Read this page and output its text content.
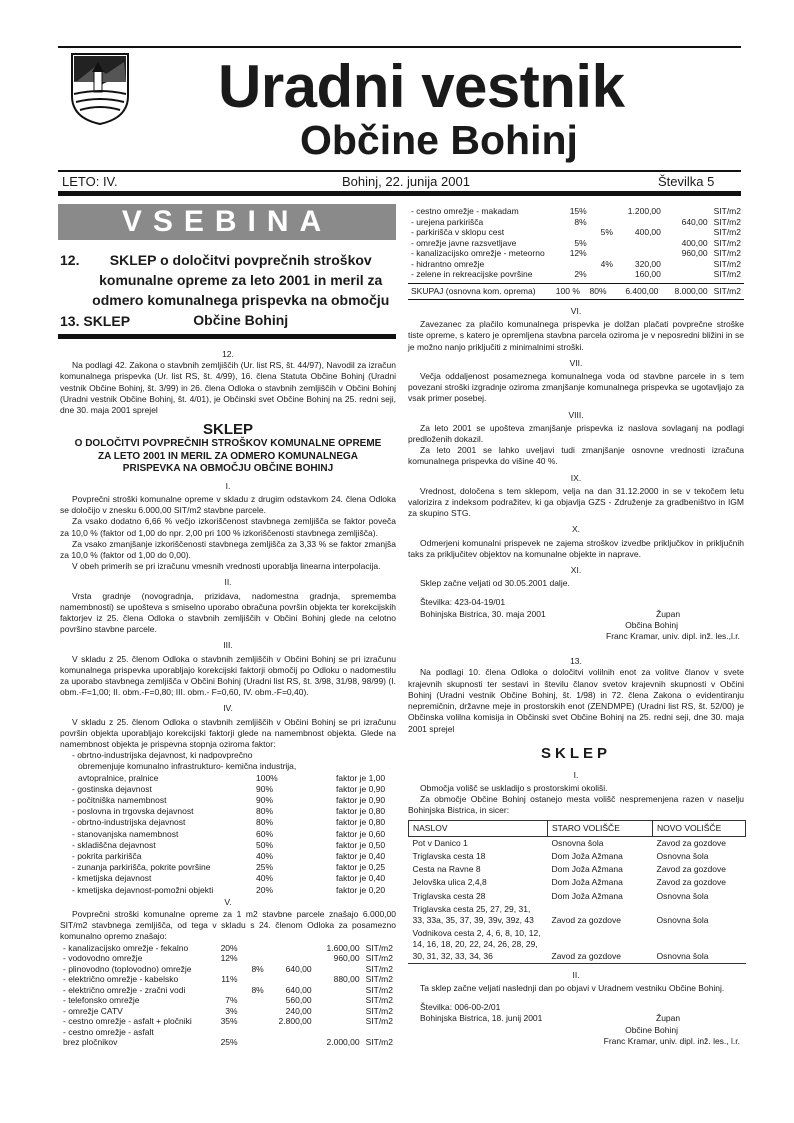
Uradni vestnik
Občine Bohinj
LETO: IV.	Bohinj, 22. junija 2001	Številka 5
VSEBINA
12.	SKLEP o določitvi povprečnih stroškov komunalne opreme za leto 2001 in meril za odmero komunalnega prispevka na območju Občine Bohinj
13. SKLEP

12.

Na podlagi 42. Zakona o stavbnih zemljiščih (Ur. list RS, št. 44/97), Navodil za izračun komunalnega prispevka (Ur. list RS, št. 4/99), 16. člena Statuta Občine Bohinj (Uradni vestnik Občine Bohinj, št. 3/99) in 26. člena Odloka o stavbnih zemljiščih v Občini Bohinj (Uradni vestnik Občine Bohinj, št. 4/01), je Občinski svet Občine Bohinj na 25. redni seji, dne 30. maja 2001 sprejel

SKLEP

O DOLOČITVI POVPREČNIH STROŠKOV KOMUNALNE OPREME ZA LETO 2001 IN MERIL ZA ODMERO KOMUNALNEGA PRISPEVKA NA OBMOČJU OBČINE BOHINJ

I.

Povprečni stroški komunalne opreme v skladu z drugim odstavkom 24. člena Odloka se določijo v znesku 6.000,00 SIT/m2 stavbne parcele.

Za vsako dodatno 6,66 % večjo izkoriščenost stavbnega zemljišča se faktor poveča za 10,0 % (faktor od 1,00 do npr. 2,00 pri 100 % izkoriščenosti stavbnega zemljišča).

Za vsako zmanjšanje izkoriščenosti stavbnega zemljišča za 3,33 % se faktor zmanjša za 10,0 % (faktor od 1,00 do 0,00).

V obeh primerih se pri izračunu vmesnih vrednosti uporablja linearna interpolacija.

II.

Vrsta gradnje (novogradnja, prizidava, nadomestna gradnja, sprememba namembnosti) se upošteva s smiselno uporabo obračuna površin objekta ter korekcijskih faktorjev iz 25. člena Odloka o stavbnih zemljiščih v Občini Bohinj glede na celotno površino stavbne parcele.

III.

V skladu z 25. členom Odloka o stavbnih zemljiščih v Občini Bohinj se pri izračunu komunalnega prispevka uporabljajo korekcijski faktorji območij po Odloku o nadomestilu za uporabo stavbnega zemljišča v Občini Bohinj (Uradni list RS, št. 3/98, 31/98, 98/99) (I. obm.-F=1,00; II. obm.-F=0,80; III. obm.- F=0,60, IV. obm.-F=0,40).

IV.

V skladu z 25. členom Odloka o stavbnih zemljiščih v Občini Bohinj se pri izračunu površin objekta uporabljajo korekcijski faktorji glede na namembnost objekta. Glede na namembnost objekta je prispevna stopnja oziroma faktor:

- obrtno-industrijska dejavnost, ki nadpovprečno
obremenjuje komunalno infrastrukturo- kemična industrija,
avtopralnice, pralnice	100%	faktor je 1,00
- gostinska dejavnost	90%	faktor je 0,90
- počitniška namembnost	90%	faktor je 0,90
- poslovna in trgovska dejavnost	80%	faktor je 0,80
- obrtno-industrijska dejavnost	80%	faktor je 0,80
- stanovanjska namembnost	60%	faktor je 0,60
- skladiščna dejavnost	50%	faktor je 0,50
- pokrita parkirišča	40%	faktor je 0,40
- zunanja parkirišča, pokrite površine	25%	faktor je 0,25
- kmetijska dejavnost	40%	faktor je 0,40
- kmetijska dejavnost-pomožni objekti	20%	faktor je 0,20

V.

Povprečni stroški komunalne opreme za 1 m2 stavbne parcele znašajo 6.000,00 SIT/m2 stavbnega zemljišča, od tega v skladu s 24. členom Odloka za posamezno komunalno opremo znašajo:

- kanalizacijsko omrežje - fekalno	20%			1.600,00	SIT/m2
- vodovodno omrežje	12%			960,00	SIT/m2
- plinovodno (toplovodno) omrežje		8%	640,00		SIT/m2
- električno omrežje - kabelsko	11%			880,00	SIT/m2
- električno omrežje - zračni vodi		8%	640,00		SIT/m2
- telefonsko omrežje	7%		560,00		SIT/m2
- omrežje CATV	3%		240,00		SIT/m2
- cestno omrežje - asfalt + pločniki	35%		2.800,00		SIT/m2
- cestno omrežje - asfalt					
brez pločnikov	25%			2.000,00	SIT/m2
- cestno omrežje - makadam	15%		1.200,00		SIT/m2
- urejena parkirišča	8%			640,00	SIT/m2
- parkirišča v sklopu cest		5%	400,00		SIT/m2
- omrežje javne razsvetljave	5%			400,00	SIT/m2
- kanalizacijsko omrežje - meteorno	12%			960,00	SIT/m2
- hidrantno omrežje		4%	320,00		SIT/m2
- zelene in rekreacijske površine	2%		160,00		SIT/m2
SKUPAJ (osnovna kom. oprema)	100 %	80%	6.400,00	8.000,00	SIT/m2

VI.

Zavezanec za plačilo komunalnega prispevka je dolžan plačati povprečne stroške tiste opreme, s katero je opremljena stavbna parcela oziroma je v neposredni bližini in se je možno nanjo priključiti z minimalnimi stroški.

VII.

Večja oddaljenost posameznega komunalnega voda od stavbne parcele in s tem povezani stroški izgradnje oziroma zmanjšanje komunalnega prispevka se ugotavljajo za vsak primer posebej.

VIII.

Za leto 2001 se upošteva zmanjšanje prispevka iz naslova sovlaganj na podlagi predloženih dokazil.

Za leto 2001 se lahko uveljavi tudi zmanjšanje osnovne vrednosti izračuna komunalnega prispevka do višine 40 %.

IX.

Vrednost, določena s tem sklepom, velja na dan 31.12.2000 in se v tekočem letu valorizira z indeksom podražitev, ki ga objavlja GZS - Združenje za gradbeništvo in IGM za skupino STG.

X.

Odmerjeni komunalni prispevek ne zajema stroškov izvedbe priključkov in priključnih taks za priključitev objektov na komunalne objekte in naprave.

XI.

Sklep začne veljati od 30.05.2001 dalje.

Številka: 423-04-19/01
Bohinjska Bistrica, 30. maja 2001	Župan
Občina Bohinj
Franc Kramar, univ. dipl. inž. les.,l.r.

13.

Na podlagi 10. člena Odloka o določitvi volilnih enot za volitve članov v svete krajevnih skupnosti ter sestavi in številu članov svetov krajevnih skupnosti v Občini Bohinj (Uradni vestnik Občine Bohinj, št. 1/98) in 72. člena Zakona o evidentiranju nepremičnin, državne meje in prostorskih enot (ZENDMPE) (Uradni list RS, št. 52/00) je Občinska volilna komisija in Občinski svet Občine Bohinj na 25. redni seji, dne 30. maja 2001 sprejel

SKLEP

I.

Območja volišč se uskladijo s prostorskimi okoliši.

Za območje Občine Bohinj ostanejo mesta volišč nespremenjena razen v naselju Bohinjska Bistrica, in sicer:

NASLOV	STARO VOLIŠČE	NOVO VOLIŠČE
Pot v Danico 1	Osnovna šola	Zavod za gozdove
Triglavska cesta 18	Dom Joža Ažmana	Osnovna šola
Cesta na Ravne 8	Dom Joža Ažmana	Zavod za gozdove
Jelovška ulica 2,4,8	Dom Joža Ažmana	Zavod za gozdove
Triglavska cesta 28	Dom Joža Ažmana	Osnovna šola
Triglavska cesta 25, 27, 29, 31, 33, 33a, 35, 37, 39, 39v, 39z, 43	Zavod za gozdove	Osnovna šola
Vodnikova cesta 2, 4, 6, 8, 10, 12, 14, 16, 18, 20, 22, 24, 26, 28, 29, 30, 31, 32, 33, 34, 36	Zavod za gozdove	Osnovna šola

II.

Ta sklep začne veljati naslednji dan po objavi v Uradnem vestniku Občine Bohinj.

Številka: 006-00-2/01
Bohinjska Bistrica, 18. junij 2001	Župan
Občine Bohinj
Franc Kramar, univ. dipl. inž. les., l.r.
